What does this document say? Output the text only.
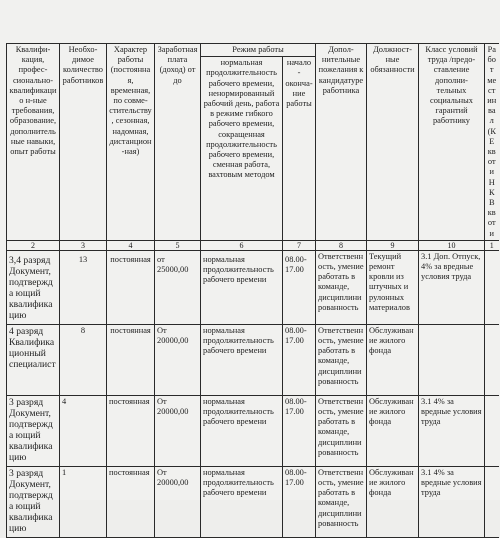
Квалифи-кация, профес-сионально-квалификацио н-ные требования, образование, дополнитель ные навыки, опыт работы	Необхо-димое количество работников	Характер работы (постоянная, временная, по совме-стительству, сезонная, надомная, дистанцион-ная)	Заработная плата (доход) от до	Режим работы		Допол-нительные пожелания к кандидатуре работника	Должност-ные обязанности	Класс условий труда /предо-ставление дополни-тельных социальных гарантий работнику	Работ мест инвал (КЕ квоти НКВ квоти
				нормальная продолжительность рабочего времени, ненормированный рабочий день, работа в режиме гибкого рабочего времени, сокращенная продолжительность рабочего времени, сменная работа, вахтовым методом	начало - оконча-ние работы				
2	3	4	5	6	7	8	9	10	1
3,4 разряд Документ, подтвержда ющий квалификацию	13	постоянная	от 25000,00	нормальная продолжительность рабочего времени	08.00-17.00	Ответственность, умение работать в команде, дисциплинированность	Текущий ремонт кровли из штучных и рулонных материалов	3.1 Доп. Отпуск, 4% за вредные условия труда	
4 разряд Квалификационный специалист	8	постоянная	От 20000,00	нормальная продолжительность рабочего времени	08.00-17.00	Ответственность, умение работать в команде, дисциплинированность	Обслуживание жилого фонда		
3 разряд Документ, подтвержда ющий квалификацию	4	постоянная	От 20000,00	нормальная продолжительность рабочего времени	08.00-17.00	Ответственность, умение работать в команде, дисциплинированность	Обслуживание жилого фонда	3.1 4% за вредные условия труда	
3 разряд Документ, подтвержда ющий квалификацию	1	постоянная	От 20000,00	нормальная продолжительность рабочего времени	08.00-17.00	Ответственность, умение работать в команде, дисциплинированность	Обслуживание жилого фонда	3.1 4% за вредные условия труда	
